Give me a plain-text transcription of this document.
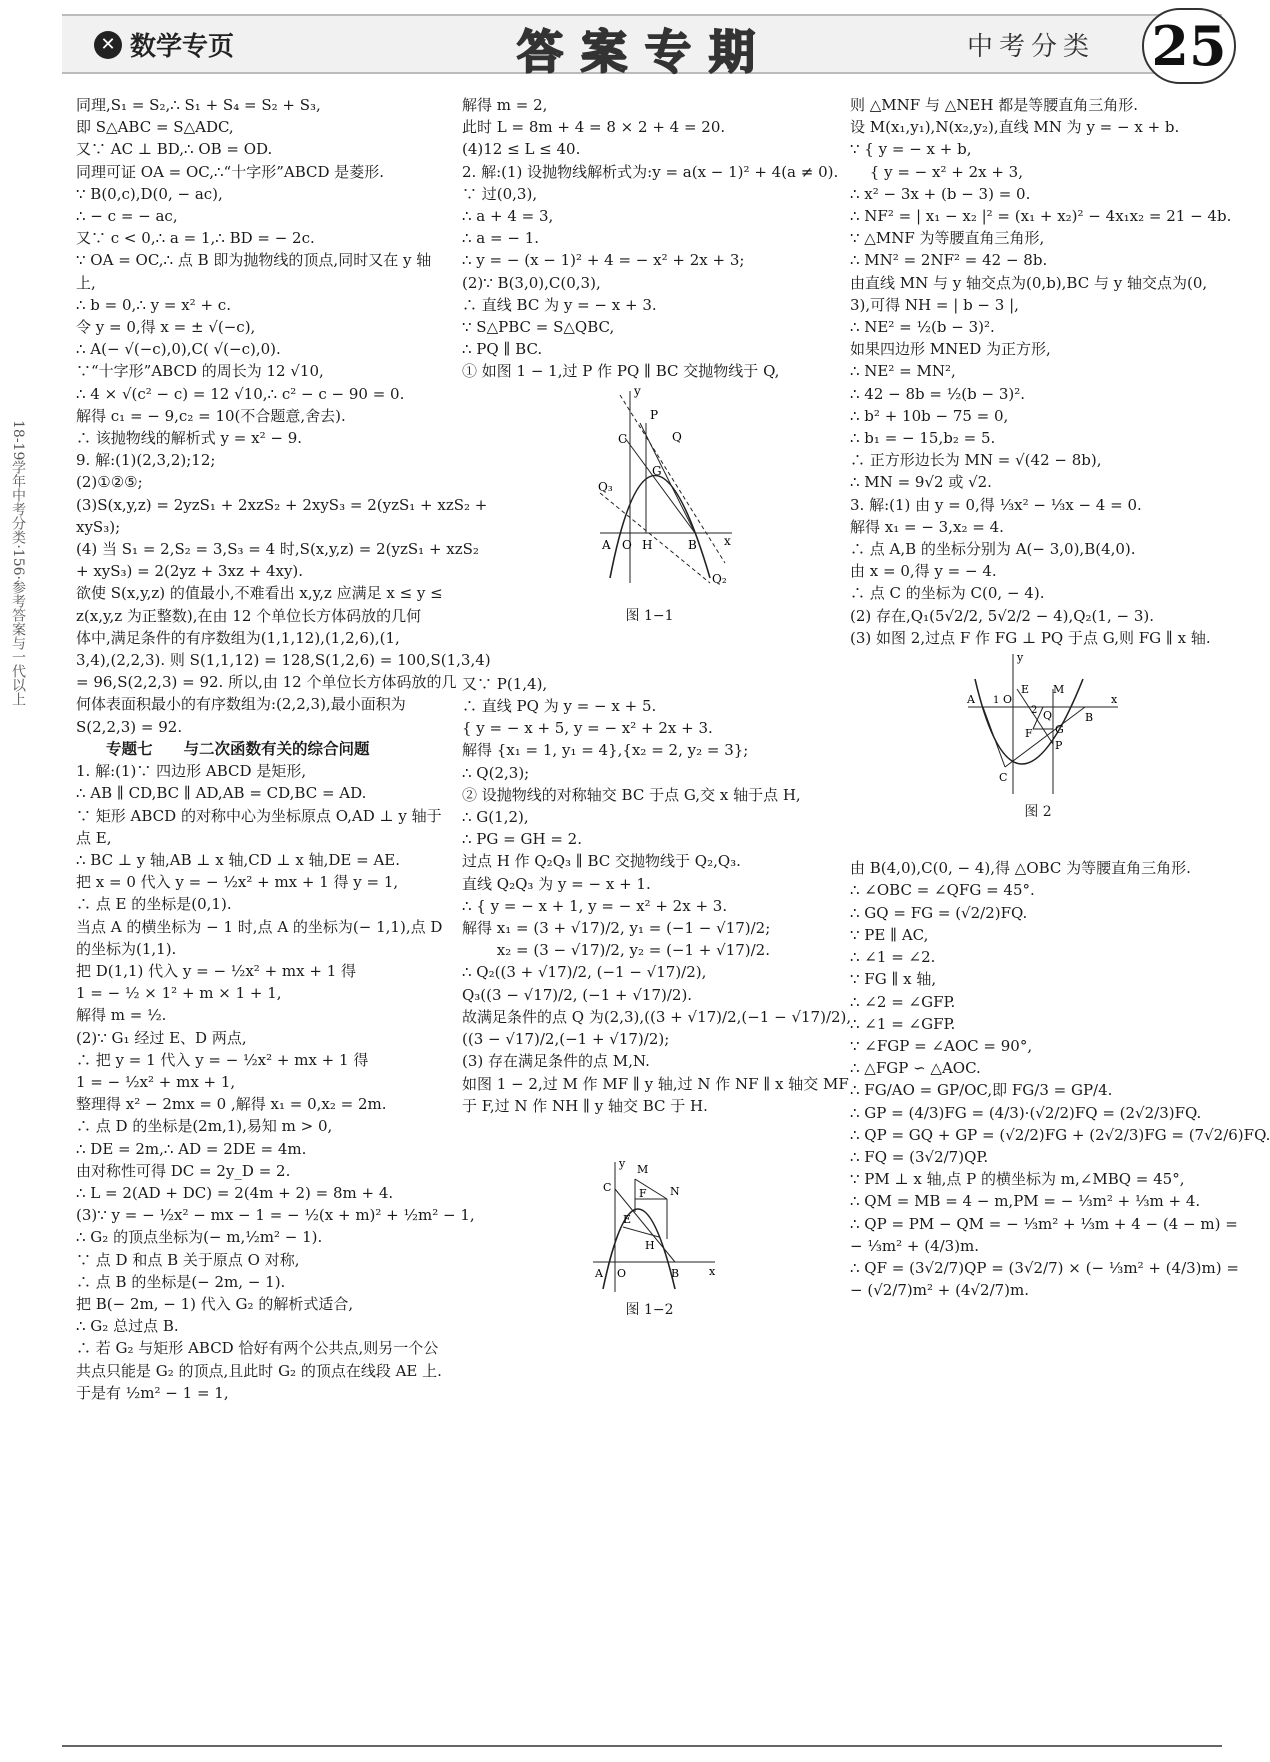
✕ 数学专页	答案专期	中考分类 25
18-19学年中考分类·156·参考答案与一代以上
同理,S₁ = S₂,∴ S₁ + S₄ = S₂ + S₃,
即 S△ABC = S△ADC,
又∵ AC ⊥ BD,∴ OB = OD.
同理可证 OA = OC,∴“十字形”ABCD 是菱形.
∵ B(0,c),D(0, − ac),
∴ − c = − ac,
又∵ c < 0,∴ a = 1,∴ BD = − 2c.
∵ OA = OC,∴ 点 B 即为抛物线的顶点,同时又在 y 轴
上,
∴ b = 0,∴ y = x² + c.
令 y = 0,得 x = ± √(−c),
∴ A(− √(−c),0),C( √(−c),0).
∵“十字形”ABCD 的周长为 12 √10,
∴ 4 × √(c² − c) = 12 √10,∴ c² − c − 90 = 0.
解得 c₁ = − 9,c₂ = 10(不合题意,舍去).
∴ 该抛物线的解析式 y = x² − 9.
9. 解:(1)(2,3,2);12;
(2)①②⑤;
(3)S(x,y,z) = 2yzS₁ + 2xzS₂ + 2xyS₃ = 2(yzS₁ + xzS₂ +
xyS₃);
(4) 当 S₁ = 2,S₂ = 3,S₃ = 4 时,S(x,y,z) = 2(yzS₁ + xzS₂
+ xyS₃) = 2(2yz + 3xz + 4xy).
欲使 S(x,y,z) 的值最小,不难看出 x,y,z 应满足 x ≤ y ≤
z(x,y,z 为正整数),在由 12 个单位长方体码放的几何
体中,满足条件的有序数组为(1,1,12),(1,2,6),(1,
3,4),(2,2,3). 则 S(1,1,12) = 128,S(1,2,6) = 100,S(1,3,4)
= 96,S(2,2,3) = 92. 所以,由 12 个单位长方体码放的几
何体表面积最小的有序数组为:(2,2,3),最小面积为
S(2,2,3) = 92.
专题七　　与二次函数有关的综合问题
1. 解:(1)∵ 四边形 ABCD 是矩形,
∴ AB ∥ CD,BC ∥ AD,AB = CD,BC = AD.
∵ 矩形 ABCD 的对称中心为坐标原点 O,AD ⊥ y 轴于
点 E,
∴ BC ⊥ y 轴,AB ⊥ x 轴,CD ⊥ x 轴,DE = AE.
把 x = 0 代入 y = − ½x² + mx + 1 得 y = 1,
∴ 点 E 的坐标是(0,1).
当点 A 的横坐标为 − 1 时,点 A 的坐标为(− 1,1),点 D
的坐标为(1,1).
把 D(1,1) 代入 y = − ½x² + mx + 1 得
1 = − ½ × 1² + m × 1 + 1,
解得 m = ½.
(2)∵ G₁ 经过 E、D 两点,
∴ 把 y = 1 代入 y = − ½x² + mx + 1 得
1 = − ½x² + mx + 1,
整理得 x² − 2mx = 0 ,解得 x₁ = 0,x₂ = 2m.
∴ 点 D 的坐标是(2m,1),易知 m > 0,
∴ DE = 2m,∴ AD = 2DE = 4m.
由对称性可得 DC = 2y_D = 2.
∴ L = 2(AD + DC) = 2(4m + 2) = 8m + 4.
(3)∵ y = − ½x² − mx − 1 = − ½(x + m)² + ½m² − 1,
∴ G₂ 的顶点坐标为(− m,½m² − 1).
∵ 点 D 和点 B 关于原点 O 对称,
∴ 点 B 的坐标是(− 2m, − 1).
把 B(− 2m, − 1) 代入 G₂ 的解析式适合,
∴ G₂ 总过点 B.
∴ 若 G₂ 与矩形 ABCD 恰好有两个公共点,则另一个公
共点只能是 G₂ 的顶点,且此时 G₂ 的顶点在线段 AE 上.
于是有 ½m² − 1 = 1,
解得 m = 2,
此时 L = 8m + 4 = 8 × 2 + 4 = 20.
(4)12 ≤ L ≤ 40.
2. 解:(1) 设抛物线解析式为:y = a(x − 1)² + 4(a ≠ 0).
∵ 过(0,3),
∴ a + 4 = 3,
∴ a = − 1.
∴ y = − (x − 1)² + 4 = − x² + 2x + 3;
(2)∵ B(3,0),C(0,3),
∴ 直线 BC 为 y = − x + 3.
∵ S△PBC = S△QBC,
∴ PQ ∥ BC.
① 如图 1 − 1,过 P 作 PQ ∥ BC 交抛物线于 Q,
y
P
Q
C
G
Q₃
A O H	B x
Q₂
图 1−1
又∵ P(1,4),
∴ 直线 PQ 为 y = − x + 5.
{ y = − x + 5, y = − x² + 2x + 3.
解得 {x₁ = 1, y₁ = 4},{x₂ = 2, y₂ = 3};
∴ Q(2,3);
② 设抛物线的对称轴交 BC 于点 G,交 x 轴于点 H,
∴ G(1,2),
∴ PG = GH = 2.
过点 H 作 Q₂Q₃ ∥ BC 交抛物线于 Q₂,Q₃.
直线 Q₂Q₃ 为 y = − x + 1.
∴ { y = − x + 1, y = − x² + 2x + 3.
解得 x₁ = (3 + √17)/2, y₁ = (−1 − √17)/2;
　　 x₂ = (3 − √17)/2, y₂ = (−1 + √17)/2.
∴ Q₂((3 + √17)/2, (−1 − √17)/2),
Q₃((3 − √17)/2, (−1 + √17)/2).
故满足条件的点 Q 为(2,3),((3 + √17)/2,(−1 − √17)/2),
((3 − √17)/2,(−1 + √17)/2);
(3) 存在满足条件的点 M,N.
如图 1 − 2,过 M 作 MF ∥ y 轴,过 N 作 NF ∥ x 轴交 MF
于 F,过 N 作 NH ∥ y 轴交 BC 于 H.
y M
C	F N
E
H
A O	B	x
图 1−2
则 △MNF 与 △NEH 都是等腰直角三角形.
设 M(x₁,y₁),N(x₂,y₂),直线 MN 为 y = − x + b.
∵ { y = − x + b,
　 { y = − x² + 2x + 3,
∴ x² − 3x + (b − 3) = 0.
∴ NF² = | x₁ − x₂ |² = (x₁ + x₂)² − 4x₁x₂ = 21 − 4b.
∵ △MNF 为等腰直角三角形,
∴ MN² = 2NF² = 42 − 8b.
由直线 MN 与 y 轴交点为(0,b),BC 与 y 轴交点为(0,
3),可得 NH = | b − 3 |,
∴ NE² = ½(b − 3)².
如果四边形 MNED 为正方形,
∴ NE² = MN²,
∴ 42 − 8b = ½(b − 3)².
∴ b² + 10b − 75 = 0,
∴ b₁ = − 15,b₂ = 5.
∴ 正方形边长为 MN = √(42 − 8b),
∴ MN = 9√2 或 √2.
3. 解:(1) 由 y = 0,得 ⅓x² − ⅓x − 4 = 0.
解得 x₁ = − 3,x₂ = 4.
∴ 点 A,B 的坐标分别为 A(− 3,0),B(4,0).
由 x = 0,得 y = − 4.
∴ 点 C 的坐标为 C(0, − 4).
(2) 存在,Q₁(5√2/2, 5√2/2 − 4),Q₂(1, − 3).
(3) 如图 2,过点 F 作 FG ⊥ PQ 于点 G,则 FG ∥ x 轴.
y
A 1 O
E M
2 Q	B
x
F G
P
C
图 2
由 B(4,0),C(0, − 4),得 △OBC 为等腰直角三角形.
∴ ∠OBC = ∠QFG = 45°.
∴ GQ = FG = (√2/2)FQ.
∵ PE ∥ AC,
∴ ∠1 = ∠2.
∵ FG ∥ x 轴,
∴ ∠2 = ∠GFP.
∴ ∠1 = ∠GFP.
∵ ∠FGP = ∠AOC = 90°,
∴ △FGP ∽ △AOC.
∴ FG/AO = GP/OC,即 FG/3 = GP/4.
∴ GP = (4/3)FG = (4/3)·(√2/2)FQ = (2√2/3)FQ.
∴ QP = GQ + GP = (√2/2)FG + (2√2/3)FG = (7√2/6)FQ.
∴ FQ = (3√2/7)QP.
∵ PM ⊥ x 轴,点 P 的横坐标为 m,∠MBQ = 45°,
∴ QM = MB = 4 − m,PM = − ⅓m² + ⅓m + 4.
∴ QP = PM − QM = − ⅓m² + ⅓m + 4 − (4 − m) =
− ⅓m² + (4/3)m.
∴ QF = (3√2/7)QP = (3√2/7) × (− ⅓m² + (4/3)m) =
− (√2/7)m² + (4√2/7)m.
